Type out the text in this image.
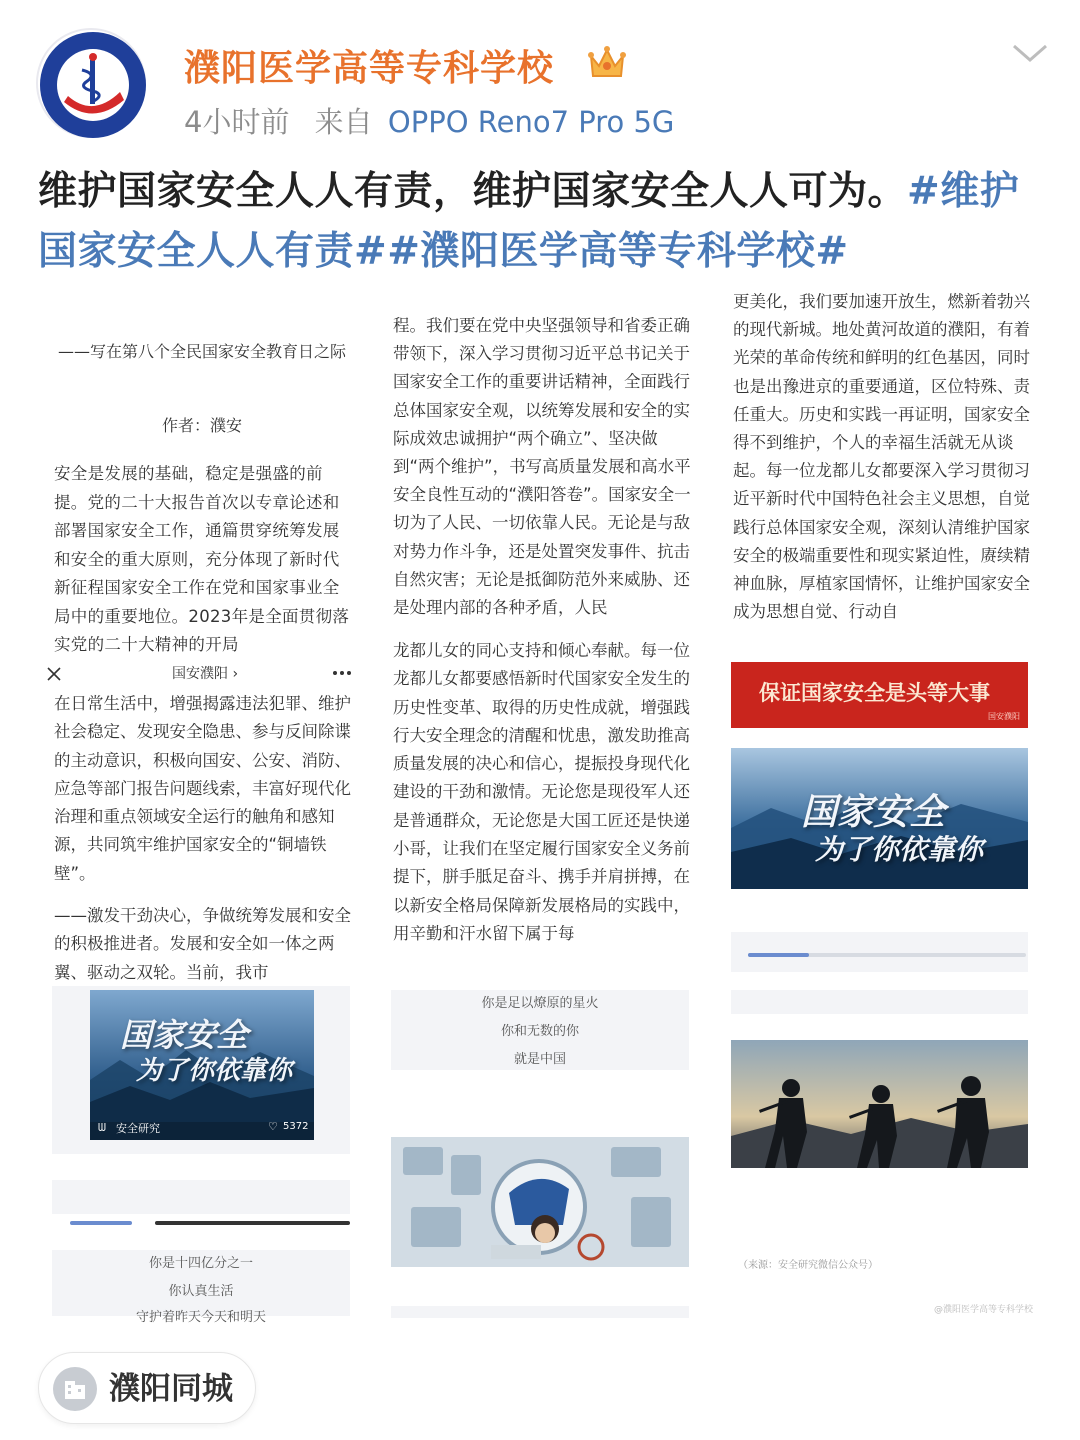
濮阳医学高等专科学校
4小时前 来自 OPPO Reno7 Pro 5G
维护国家安全人人有责，维护国家安全人人可为。#维护国家安全人人有责##濮阳医学高等专科学校#

——写在第八个全民国家安全教育日之际

作者：濮安

安全是发展的基础，稳定是强盛的前提。党的二十大报告首次以专章论述和部署国家安全工作，通篇贯穿统筹发展和安全的重大原则，充分体现了新时代新征程国家安全工作在党和国家事业全局中的重要地位。2023年是全面贯彻落实党的二十大精神的开局

国安濮阳 ›

在日常生活中，增强揭露违法犯罪、维护社会稳定、发现安全隐患、参与反间除谍的主动意识，积极向国安、公安、消防、应急等部门报告问题线索，丰富好现代化治理和重点领域安全运行的触角和感知源，共同筑牢维护国家安全的“铜墙铁壁”。

——激发干劲决心，争做统筹发展和安全的积极推进者。发展和安全如一体之两翼、驱动之双轮。当前，我市

国家安全
为了你依靠你
ᗯ 安全研究	♡ 5372

你是十四亿分之一

你认真生活

守护着昨天今天和明天

程。我们要在党中央坚强领导和省委正确带领下，深入学习贯彻习近平总书记关于国家安全工作的重要讲话精神，全面践行总体国家安全观，以统筹发展和安全的实际成效忠诚拥护“两个确立”、坚决做到“两个维护”，书写高质量发展和高水平安全良性互动的“濮阳答卷”。国家安全一切为了人民、一切依靠人民。无论是与敌对势力作斗争，还是处置突发事件、抗击自然灾害；无论是抵御防范外来威胁、还是处理内部的各种矛盾，人民

龙都儿女的同心支持和倾心奉献。每一位龙都儿女都要感悟新时代国家安全发生的历史性变革、取得的历史性成就，增强践行大安全理念的清醒和忧患，激发助推高质量发展的决心和信心，提振投身现代化建设的干劲和激情。无论您是现役军人还是普通群众，无论您是大国工匠还是快递小哥，让我们在坚定履行国家安全义务前提下，胼手胝足奋斗、携手并肩拼搏，在以新安全格局保障新发展格局的实践中，用辛勤和汗水留下属于每

你是足以燎原的星火

你和无数的你

就是中国

更美化，我们要加速开放生，燃新着勃兴的现代新城。地处黄河故道的濮阳，有着光荣的革命传统和鲜明的红色基因，同时也是出豫进京的重要通道，区位特殊、责任重大。历史和实践一再证明，国家安全得不到维护，个人的幸福生活就无从谈起。每一位龙都儿女都要深入学习贯彻习近平新时代中国特色社会主义思想，自觉践行总体国家安全观，深刻认清维护国家安全的极端重要性和现实紧迫性，赓续精神血脉，厚植家国情怀，让维护国家安全成为思想自觉、行动自

保证国家安全是头等大事
国安濮阳
国家安全
为了你依靠你

（来源：安全研究微信公众号）

@濮阳医学高等专科学校

濮阳同城
